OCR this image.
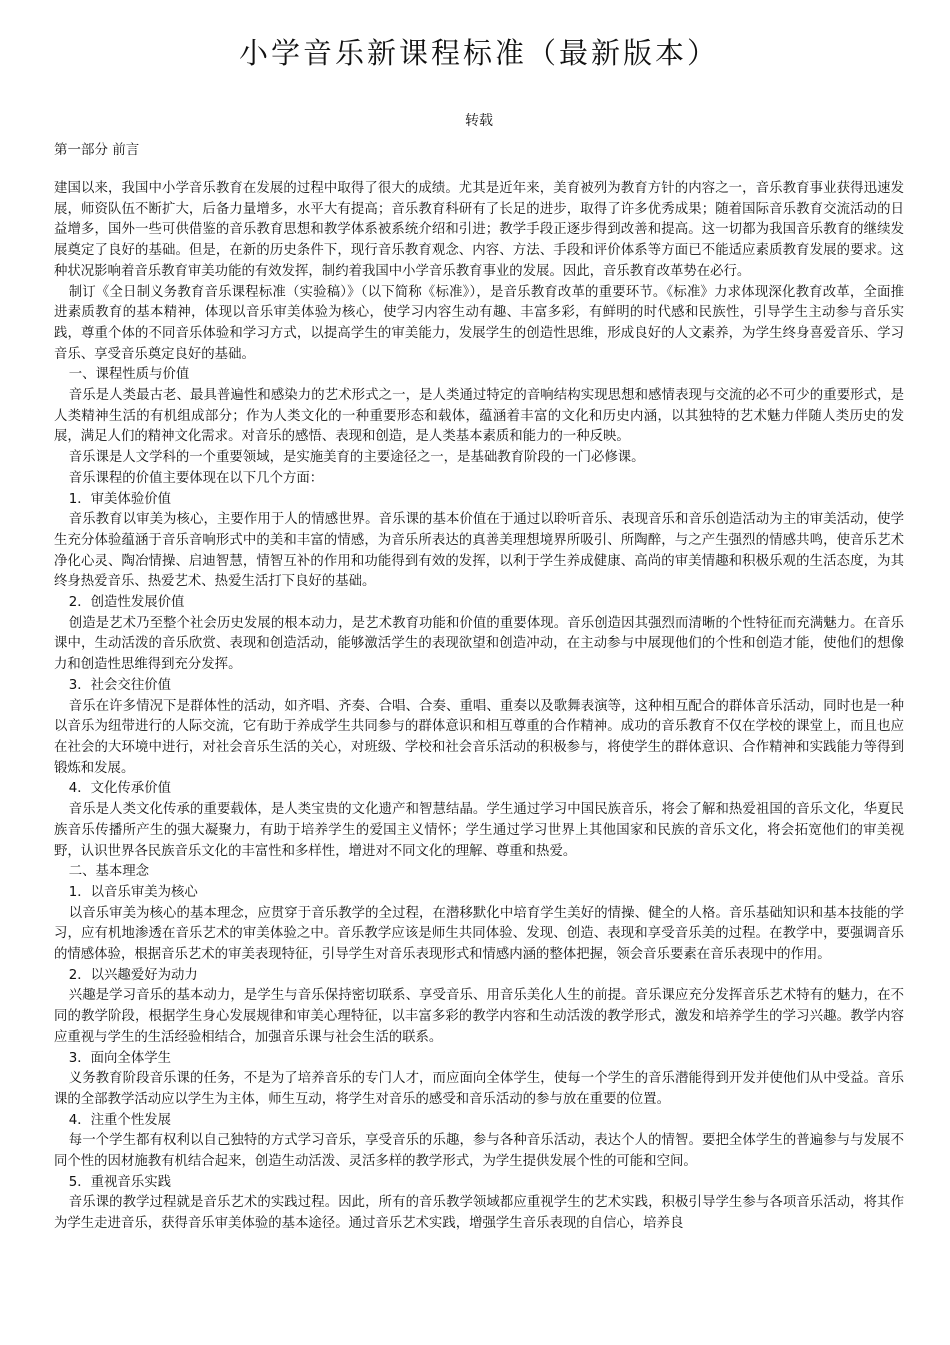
小学音乐新课程标准（最新版本）
转载
第一部分 前言

建国以来，我国中小学音乐教育在发展的过程中取得了很大的成绩。尤其是近年来，美育被列为教育方针的内容之一，音乐教育事业获得迅速发展，师资队伍不断扩大，后备力量增多，水平大有提高；音乐教育科研有了长足的进步，取得了许多优秀成果；随着国际音乐教育交流活动的日益增多，国外一些可供借鉴的音乐教育思想和教学体系被系统介绍和引进；教学手段正逐步得到改善和提高。这一切都为我国音乐教育的继续发展奠定了良好的基础。但是，在新的历史条件下，现行音乐教育观念、内容、方法、手段和评价体系等方面已不能适应素质教育发展的要求。这种状况影响着音乐教育审美功能的有效发挥，制约着我国中小学音乐教育事业的发展。因此，音乐教育改革势在必行。

制订《全日制义务教育音乐课程标准（实验稿）》（以下简称《标准》），是音乐教育改革的重要环节。《标准》力求体现深化教育改革，全面推进素质教育的基本精神，体现以音乐审美体验为核心，使学习内容生动有趣、丰富多彩，有鲜明的时代感和民族性，引导学生主动参与音乐实践，尊重个体的不同音乐体验和学习方式，以提高学生的审美能力，发展学生的创造性思维，形成良好的人文素养，为学生终身喜爱音乐、学习音乐、享受音乐奠定良好的基础。

一、课程性质与价值

音乐是人类最古老、最具普遍性和感染力的艺术形式之一，是人类通过特定的音响结构实现思想和感情表现与交流的必不可少的重要形式，是人类精神生活的有机组成部分；作为人类文化的一种重要形态和载体，蕴涵着丰富的文化和历史内涵，以其独特的艺术魅力伴随人类历史的发展，满足人们的精神文化需求。对音乐的感悟、表现和创造，是人类基本素质和能力的一种反映。

音乐课是人文学科的一个重要领域，是实施美育的主要途径之一，是基础教育阶段的一门必修课。

音乐课程的价值主要体现在以下几个方面：

1．审美体验价值

音乐教育以审美为核心，主要作用于人的情感世界。音乐课的基本价值在于通过以聆听音乐、表现音乐和音乐创造活动为主的审美活动，使学生充分体验蕴涵于音乐音响形式中的美和丰富的情感，为音乐所表达的真善美理想境界所吸引、所陶醉，与之产生强烈的情感共鸣，使音乐艺术净化心灵、陶冶情操、启迪智慧，情智互补的作用和功能得到有效的发挥，以利于学生养成健康、高尚的审美情趣和积极乐观的生活态度，为其终身热爱音乐、热爱艺术、热爱生活打下良好的基础。

2．创造性发展价值

创造是艺术乃至整个社会历史发展的根本动力，是艺术教育功能和价值的重要体现。音乐创造因其强烈而清晰的个性特征而充满魅力。在音乐课中，生动活泼的音乐欣赏、表现和创造活动，能够激活学生的表现欲望和创造冲动，在主动参与中展现他们的个性和创造才能，使他们的想像力和创造性思维得到充分发挥。

3．社会交往价值

音乐在许多情况下是群体性的活动，如齐唱、齐奏、合唱、合奏、重唱、重奏以及歌舞表演等，这种相互配合的群体音乐活动，同时也是一种以音乐为纽带进行的人际交流，它有助于养成学生共同参与的群体意识和相互尊重的合作精神。成功的音乐教育不仅在学校的课堂上，而且也应在社会的大环境中进行，对社会音乐生活的关心，对班级、学校和社会音乐活动的积极参与，将使学生的群体意识、合作精神和实践能力等得到锻炼和发展。

4．文化传承价值

音乐是人类文化传承的重要载体，是人类宝贵的文化遗产和智慧结晶。学生通过学习中国民族音乐，将会了解和热爱祖国的音乐文化，华夏民族音乐传播所产生的强大凝聚力，有助于培养学生的爱国主义情怀；学生通过学习世界上其他国家和民族的音乐文化，将会拓宽他们的审美视野，认识世界各民族音乐文化的丰富性和多样性，增进对不同文化的理解、尊重和热爱。

二、基本理念

1．以音乐审美为核心

以音乐审美为核心的基本理念，应贯穿于音乐教学的全过程，在潜移默化中培育学生美好的情操、健全的人格。音乐基础知识和基本技能的学习，应有机地渗透在音乐艺术的审美体验之中。音乐教学应该是师生共同体验、发现、创造、表现和享受音乐美的过程。在教学中，要强调音乐的情感体验，根据音乐艺术的审美表现特征，引导学生对音乐表现形式和情感内涵的整体把握，领会音乐要素在音乐表现中的作用。

2．以兴趣爱好为动力

兴趣是学习音乐的基本动力，是学生与音乐保持密切联系、享受音乐、用音乐美化人生的前提。音乐课应充分发挥音乐艺术特有的魅力，在不同的教学阶段，根据学生身心发展规律和审美心理特征，以丰富多彩的教学内容和生动活泼的教学形式，激发和培养学生的学习兴趣。教学内容应重视与学生的生活经验相结合，加强音乐课与社会生活的联系。

3．面向全体学生

义务教育阶段音乐课的任务，不是为了培养音乐的专门人才，而应面向全体学生，使每一个学生的音乐潜能得到开发并使他们从中受益。音乐课的全部教学活动应以学生为主体，师生互动，将学生对音乐的感受和音乐活动的参与放在重要的位置。

4．注重个性发展

每一个学生都有权利以自己独特的方式学习音乐，享受音乐的乐趣，参与各种音乐活动，表达个人的情智。要把全体学生的普遍参与与发展不同个性的因材施教有机结合起来，创造生动活泼、灵活多样的教学形式，为学生提供发展个性的可能和空间。

5．重视音乐实践

音乐课的教学过程就是音乐艺术的实践过程。因此，所有的音乐教学领域都应重视学生的艺术实践，积极引导学生参与各项音乐活动，将其作为学生走进音乐，获得音乐审美体验的基本途径。通过音乐艺术实践，增强学生音乐表现的自信心，培养良
